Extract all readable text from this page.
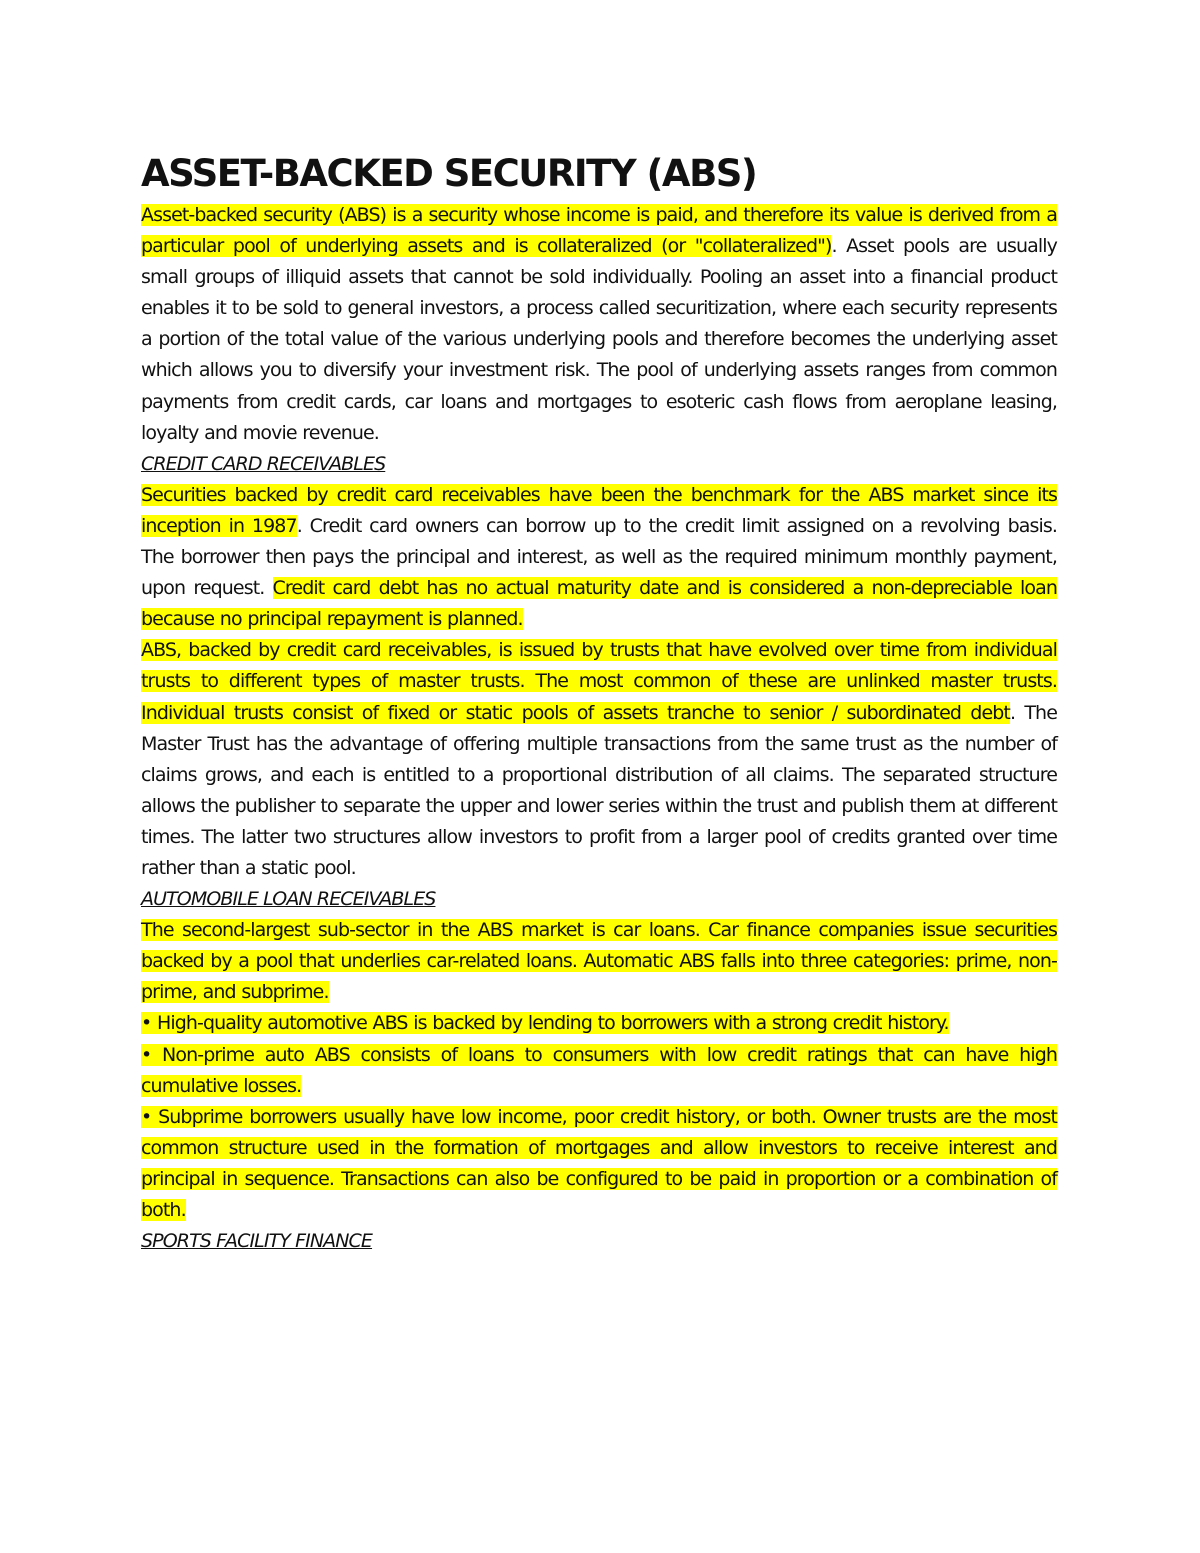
ASSET-BACKED SECURITY (ABS)

Asset-backed security (ABS) is a security whose income is paid, and therefore its value is derived from a particular pool of underlying assets and is collateralized (or "collateralized"). Asset pools are usually small groups of illiquid assets that cannot be sold individually. Pooling an asset into a financial product enables it to be sold to general investors, a process called securitization, where each security represents a portion of the total value of the various underlying pools and therefore becomes the underlying asset which allows you to diversify your investment risk. The pool of underlying assets ranges from common payments from credit cards, car loans and mortgages to esoteric cash flows from aeroplane leasing, loyalty and movie revenue.

CREDIT CARD RECEIVABLES

Securities backed by credit card receivables have been the benchmark for the ABS market since its inception in 1987. Credit card owners can borrow up to the credit limit assigned on a revolving basis. The borrower then pays the principal and interest, as well as the required minimum monthly payment, upon request. Credit card debt has no actual maturity date and is considered a non-depreciable loan because no principal repayment is planned.

ABS, backed by credit card receivables, is issued by trusts that have evolved over time from individual trusts to different types of master trusts. The most common of these are unlinked master trusts. Individual trusts consist of fixed or static pools of assets tranche to senior / subordinated debt. The Master Trust has the advantage of offering multiple transactions from the same trust as the number of claims grows, and each is entitled to a proportional distribution of all claims. The separated structure allows the publisher to separate the upper and lower series within the trust and publish them at different times. The latter two structures allow investors to profit from a larger pool of credits granted over time rather than a static pool.

AUTOMOBILE LOAN RECEIVABLES

The second-largest sub-sector in the ABS market is car loans. Car finance companies issue securities backed by a pool that underlies car-related loans. Automatic ABS falls into three categories: prime, non-prime, and subprime.

• High-quality automotive ABS is backed by lending to borrowers with a strong credit history.

• Non-prime auto ABS consists of loans to consumers with low credit ratings that can have high cumulative losses.

• Subprime borrowers usually have low income, poor credit history, or both. Owner trusts are the most common structure used in the formation of mortgages and allow investors to receive interest and principal in sequence. Transactions can also be configured to be paid in proportion or a combination of both.

SPORTS FACILITY FINANCE
